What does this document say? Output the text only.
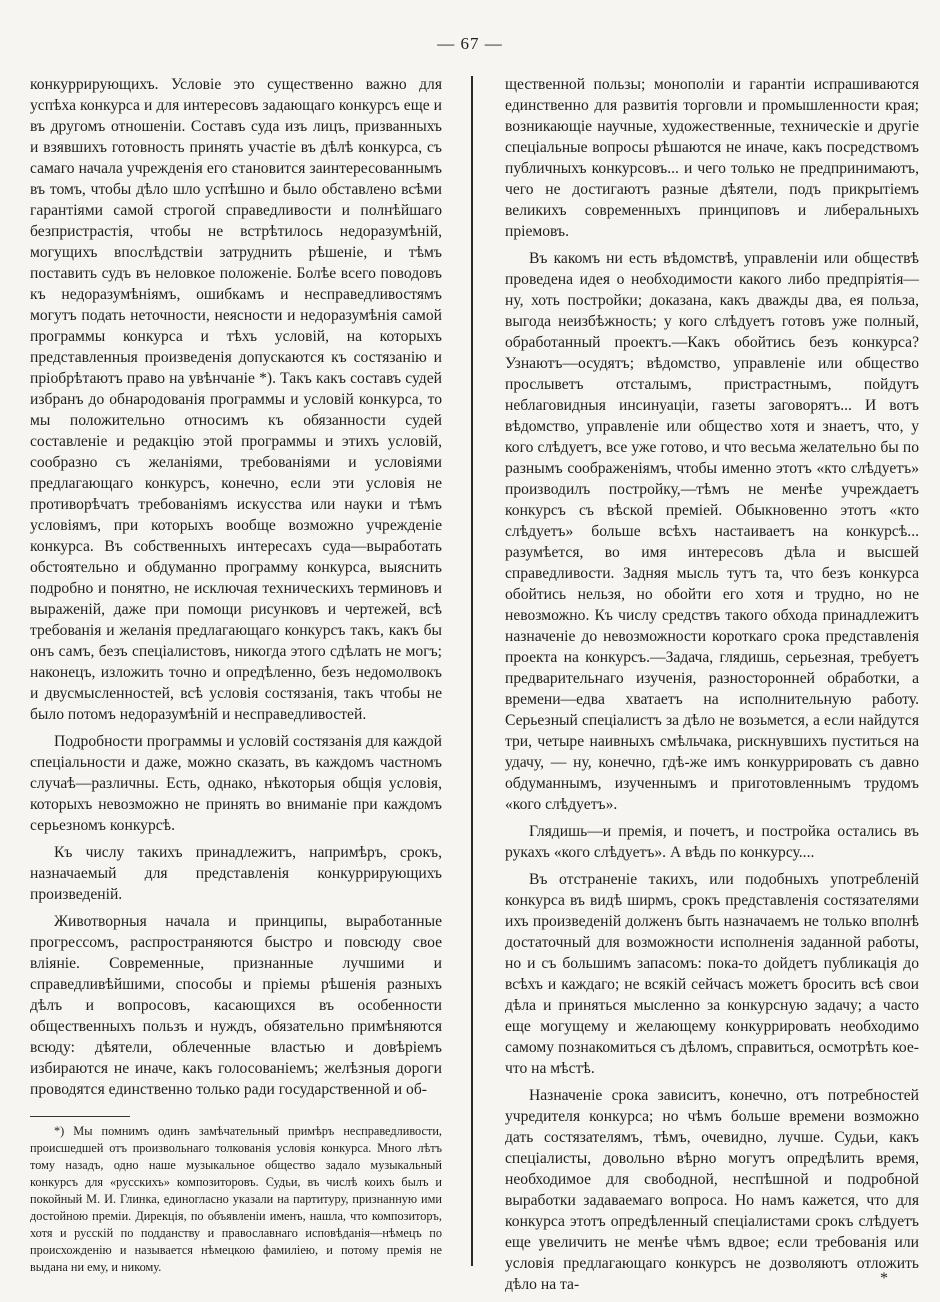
— 67 —

конкуррирующихъ. Условіе это существенно важно для успѣха конкурса и для интересовъ задающаго конкурсъ еще и въ другомъ отношеніи. Составъ суда изъ лицъ, призванныхъ и взявшихъ готовность принять участіе въ дѣлѣ конкурса, съ самаго начала учрежденія его становится заинтересованнымъ въ томъ, чтобы дѣло шло успѣшно и было обставлено всѣми гарантіями самой строгой справедливости и полнѣйшаго безпристрастія, чтобы не встрѣтилось недоразумѣній, могущихъ впослѣдствіи затруднить рѣшеніе, и тѣмъ поставить судъ въ неловкое положеніе. Болѣе всего поводовъ къ недоразумѣніямъ, ошибкамъ и несправедливостямъ могутъ подать неточности, неясности и недоразумѣнія самой программы конкурса и тѣхъ условій, на которыхъ представленныя произведенія допускаются къ состязанію и пріобрѣтаютъ право на увѣнчаніе *). Такъ какъ составъ судей избранъ до обнародованія программы и условій конкурса, то мы положительно относимъ къ обязанности судей составленіе и редакцію этой программы и этихъ условій, сообразно съ желаніями, требованіями и условіями предлагающаго конкурсъ, конечно, если эти условія не противорѣчатъ требованіямъ искусства или науки и тѣмъ условіямъ, при которыхъ вообще возможно учрежденіе конкурса. Въ собственныхъ интересахъ суда—выработать обстоятельно и обдуманно программу конкурса, выяснить подробно и понятно, не исключая техническихъ терминовъ и выраженій, даже при помощи рисунковъ и чертежей, всѣ требованія и желанія предлагающаго конкурсъ такъ, какъ бы онъ самъ, безъ спеціалистовъ, никогда этого сдѣлать не могъ; наконецъ, изложить точно и опредѣленно, безъ недомолвокъ и двусмысленностей, всѣ условія состязанія, такъ чтобы не было потомъ недоразумѣній и несправедливостей.

Подробности программы и условій состязанія для каждой спеціальности и даже, можно сказать, въ каждомъ частномъ случаѣ—различны. Есть, однако, нѣкоторыя общія условія, которыхъ невозможно не принять во вниманіе при каждомъ серьезномъ конкурсѣ.

Къ числу такихъ принадлежитъ, напримѣръ, срокъ, назначаемый для представленія конкуррирующихъ произведеній.

Животворныя начала и принципы, выработанные прогрессомъ, распространяются быстро и повсюду свое вліяніе. Современные, признанные лучшими и справедливѣйшими, способы и пріемы рѣшенія разныхъ дѣлъ и вопросовъ, касающихся въ особенности общественныхъ пользъ и нуждъ, обязательно примѣняются всюду: дѣятели, облеченные властью и довѣріемъ избираются не иначе, какъ голосованіемъ; желѣзныя дороги проводятся единственно только ради государственной и об-

*) Мы помнимъ одинъ замѣчательный примѣръ несправедливости, происшедшей отъ произвольнаго толкованія условія конкурса. Много лѣтъ тому назадъ, одно наше музыкальное общество задало музыкальный конкурсъ для «русскихъ» композиторовъ. Судьи, въ числѣ коихъ былъ и покойный М. И. Глинка, единогласно указали на партитуру, признанную ими достойною преміи. Дирекція, по объявленіи именъ, нашла, что композиторъ, хотя и русскій по подданству и православнаго исповѣданія—нѣмецъ по происхожденію и называется нѣмецкою фамиліею, и потому премія не выдана ни ему, и никому.

щественной пользы; монополіи и гарантіи испрашиваются единственно для развитія торговли и промышленности края; возникающіе научные, художественные, техническіе и другіе спеціальные вопросы рѣшаются не иначе, какъ посредствомъ публичныхъ конкурсовъ... и чего только не предпринимаютъ, чего не достигаютъ разные дѣятели, подъ прикрытіемъ великихъ современныхъ принциповъ и либеральныхъ пріемовъ.

Въ какомъ ни есть вѣдомствѣ, управленіи или обществѣ проведена идея о необходимости какого либо предпріятія—ну, хоть постройки; доказана, какъ дважды два, ея польза, выгода неизбѣжность; у кого слѣдуетъ готовъ уже полный, обработанный проектъ.—Какъ обойтись безъ конкурса? Узнаютъ—осудятъ; вѣдомство, управленіе или общество прослыветъ отсталымъ, пристрастнымъ, пойдутъ неблаговидныя инсинуаціи, газеты заговорятъ... И вотъ вѣдомство, управленіе или общество хотя и знаетъ, что, у кого слѣдуетъ, все уже готово, и что весьма желательно бы по разнымъ соображеніямъ, чтобы именно этотъ «кто слѣдуетъ» производилъ постройку,—тѣмъ не менѣе учреждаетъ конкурсъ съ вѣской преміей. Обыкновенно этотъ «кто слѣдуетъ» больше всѣхъ настаиваетъ на конкурсѣ... разумѣется, во имя интересовъ дѣла и высшей справедливости. Задняя мысль тутъ та, что безъ конкурса обойтись нельзя, но обойти его хотя и трудно, но не невозможно. Къ числу средствъ такого обхода принадлежитъ назначеніе до невозможности короткаго срока представленія проекта на конкурсъ.—Задача, глядишь, серьезная, требуетъ предварительнаго изученія, разносторонней обработки, а времени—едва хватаетъ на исполнительную работу. Серьезный спеціалистъ за дѣло не возьмется, а если найдутся три, четыре наивныхъ смѣльчака, рискнувшихъ пуститься на удачу, — ну, конечно, гдѣ-же имъ конкуррировать съ давно обдуманнымъ, изученнымъ и приготовленнымъ трудомъ «кого слѣдуетъ».

Глядишь—и премія, и почетъ, и постройка остались въ рукахъ «кого слѣдуетъ». А вѣдь по конкурсу....

Въ отстраненіе такихъ, или подобныхъ употребленій конкурса въ видѣ ширмъ, срокъ представленія состязателями ихъ произведеній долженъ быть назначаемъ не только вполнѣ достаточный для возможности исполненія заданной работы, но и съ большимъ запасомъ: пока-то дойдетъ публикація до всѣхъ и каждаго; не всякій сейчасъ можетъ бросить всѣ свои дѣла и приняться мысленно за конкурсную задачу; а часто еще могущему и желающему конкуррировать необходимо самому познакомиться съ дѣломъ, справиться, осмотрѣть кое-что на мѣстѣ.

Назначеніе срока зависитъ, конечно, отъ потребностей учредителя конкурса; но чѣмъ больше времени возможно дать состязателямъ, тѣмъ, очевидно, лучше. Судьи, какъ спеціалисты, довольно вѣрно могутъ опредѣлить время, необходимое для свободной, неспѣшной и подробной выработки задаваемаго вопроса. Но намъ кажется, что для конкурса этотъ опредѣленный спеціалистами срокъ слѣдуетъ еще увеличить не менѣе чѣмъ вдвое; если требованія или условія предлагающаго конкурсъ не дозволяютъ отложить дѣло на та-	*
